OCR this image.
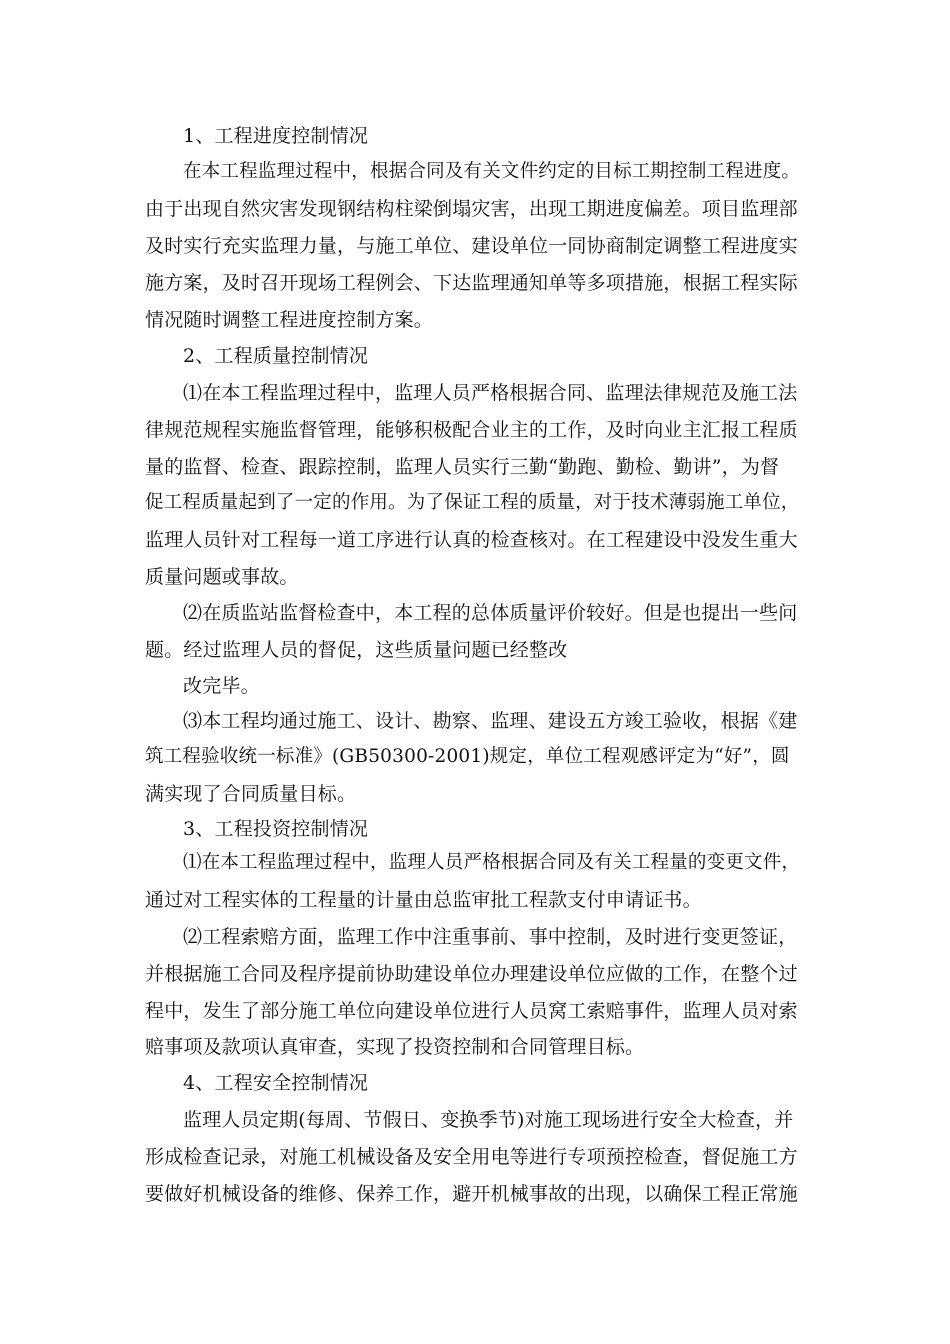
1、工程进度控制情况
在本工程监理过程中，根据合同及有关文件约定的目标工期控制工程进度。
由于出现自然灾害发现钢结构柱梁倒塌灾害，出现工期进度偏差。项目监理部
及时实行充实监理力量，与施工单位、建设单位一同协商制定调整工程进度实
施方案，及时召开现场工程例会、下达监理通知单等多项措施，根据工程实际
情况随时调整工程进度控制方案。
2、工程质量控制情况
⑴在本工程监理过程中，监理人员严格根据合同、监理法律规范及施工法
律规范规程实施监督管理，能够积极配合业主的工作，及时向业主汇报工程质
量的监督、检查、跟踪控制，监理人员实行三勤“勤跑、勤检、勤讲”，为督
促工程质量起到了一定的作用。为了保证工程的质量，对于技术薄弱施工单位，
监理人员针对工程每一道工序进行认真的检查核对。在工程建设中没发生重大
质量问题或事故。
⑵在质监站监督检查中，本工程的总体质量评价较好。但是也提出一些问
题。经过监理人员的督促，这些质量问题已经整改
改完毕。
⑶本工程均通过施工、设计、勘察、监理、建设五方竣工验收，根据《建
筑工程验收统一标准》(GB50300-2001)规定，单位工程观感评定为“好”，圆
满实现了合同质量目标。
3、工程投资控制情况
⑴在本工程监理过程中，监理人员严格根据合同及有关工程量的变更文件，
通过对工程实体的工程量的计量由总监审批工程款支付申请证书。
⑵工程索赔方面，监理工作中注重事前、事中控制，及时进行变更签证，
并根据施工合同及程序提前协助建设单位办理建设单位应做的工作，在整个过
程中，发生了部分施工单位向建设单位进行人员窝工索赔事件，监理人员对索
赔事项及款项认真审查，实现了投资控制和合同管理目标。
4、工程安全控制情况
监理人员定期(每周、节假日、变换季节)对施工现场进行安全大检查，并
形成检查记录，对施工机械设备及安全用电等进行专项预控检查，督促施工方
要做好机械设备的维修、保养工作，避开机械事故的出现，以确保工程正常施
